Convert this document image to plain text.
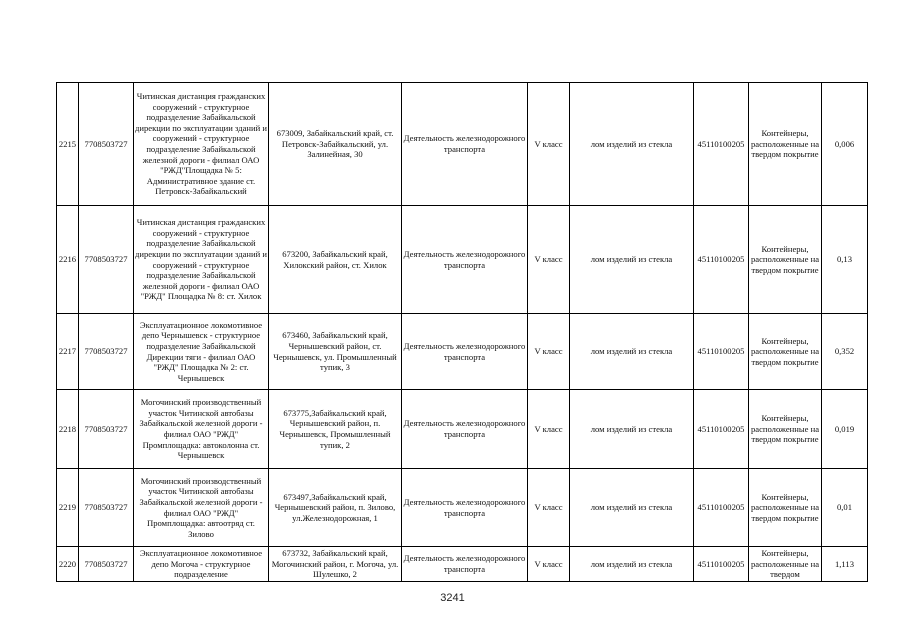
2215	7708503727	Читинская дистанция гражданских сооружений - структурное подразделение Забайкальской дирекции по эксплуатации зданий и сооружений - структурное подразделение Забайкальской железной дороги - филиал ОАО "РЖД"Площадка № 5: Административное здание ст. Петровск-Забайкальский	673009, Забайкальский край, ст. Петровск-Забайкальский, ул. Залинейная, 30	Деятельность железнодорожного транспорта	V класс	лом изделий из стекла	45110100205	Контейнеры, расположенные на твердом покрытие	0,006
2216	7708503727	Читинская дистанция гражданских сооружений - структурное подразделение Забайкальской дирекции по эксплуатации зданий и сооружений - структурное подразделение Забайкальской железной дороги - филиал ОАО "РЖД" Площадка № 8: ст. Хилок	673200, Забайкальский край, Хилокский район, ст. Хилок	Деятельность железнодорожного транспорта	V класс	лом изделий из стекла	45110100205	Контейнеры, расположенные на твердом покрытие	0,13
2217	7708503727	Эксплуатационное локомотивное депо Чернышевск - структурное подразделение Забайкальской Дирекции тяги - филиал ОАО "РЖД" Площадка № 2: ст. Чернышевск	673460, Забайкальский край, Чернышевский район, ст. Чернышевск, ул. Промышленный тупик, 3	Деятельность железнодорожного транспорта	V класс	лом изделий из стекла	45110100205	Контейнеры, расположенные на твердом покрытие	0,352
2218	7708503727	Могочинский производственный участок Читинской автобазы Забайкальской железной дороги - филиал ОАО "РЖД" Промплощадка: автоколонна ст. Чернышевск	673775,Забайкальский край, Чернышевский район, п. Чернышевск, Промышленный тупик, 2	Деятельность железнодорожного транспорта	V класс	лом изделий из стекла	45110100205	Контейнеры, расположенные на твердом покрытие	0,019
2219	7708503727	Могочинский производственный участок Читинской автобазы Забайкальской железной дороги - филиал ОАО "РЖД" Промплощадка: автоотряд ст. Зилово	673497,Забайкальский край, Чернышевский район, п. Зилово, ул.Железнодорожная, 1	Деятельность железнодорожного транспорта	V класс	лом изделий из стекла	45110100205	Контейнеры, расположенные на твердом покрытие	0,01
2220	7708503727	Эксплуатационное локомотивное депо Могоча - структурное подразделение	673732, Забайкальский край, Могочинский район, г. Могоча, ул. Шулешко, 2	Деятельность железнодорожного транспорта	V класс	лом изделий из стекла	45110100205	Контейнеры, расположенные на твердом	1,113
3241
